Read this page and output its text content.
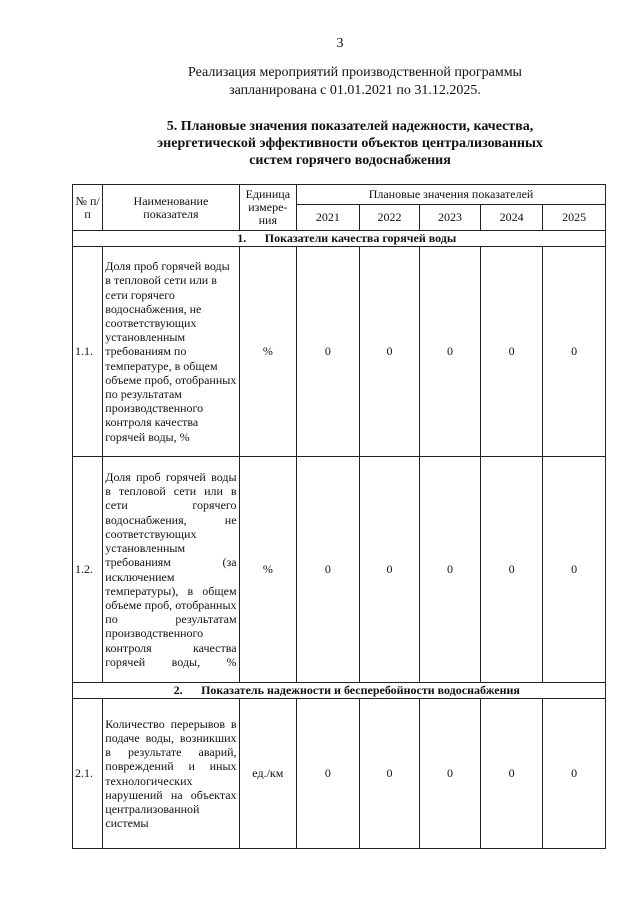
3
Реализация мероприятий производственной программы
запланирована с 01.01.2021 по 31.12.2025.
5. Плановые значения показателей надежности, качества,
энергетической эффективности объектов централизованных
систем горячего водоснабжения
№ п/п	Наименование показателя	Единица измере-ния	Плановые значения показателей				
			2021	2022	2023	2024	2025
1. Показатели качества горячей воды							
1.1.	Доля проб горячей воды в тепловой сети или в сети горячего водоснабжения, не соответствующих установленным требованиям по температуре, в общем объеме проб, отобранных по результатам производственного контроля качества горячей воды, %	%	0	0	0	0	0
1.2.	Доля проб горячей воды в тепловой сети или в сети горячего водоснабжения, не соответствующих установленным требованиям (за исключением температуры), в общем объеме проб, отобранных по результатам производственного контроля качества горячей воды, %	%	0	0	0	0	0
2. Показатель надежности и бесперебойности водоснабжения							
2.1.	Количество перерывов в подаче воды, возникших в результате аварий, повреждений и иных технологических нарушений на объектах централизованной системы	ед./км	0	0	0	0	0
